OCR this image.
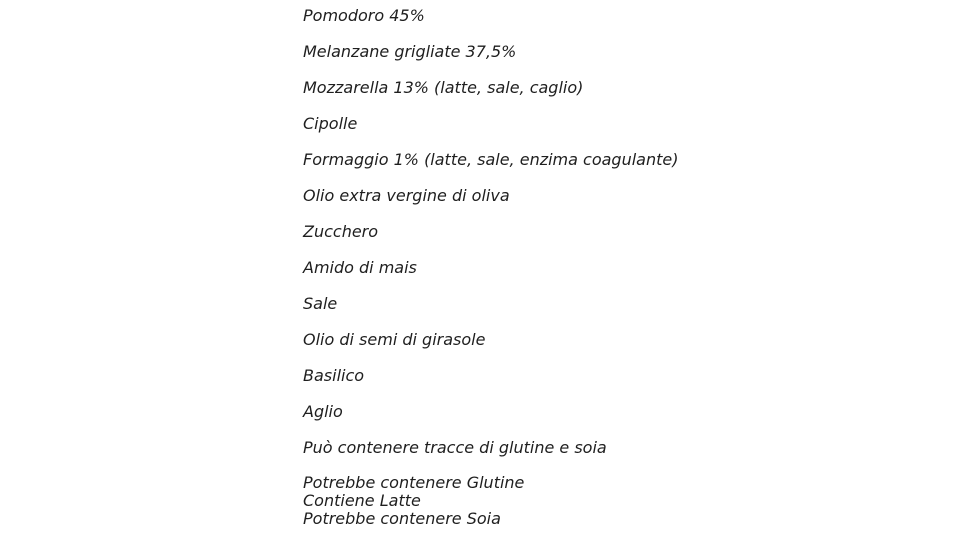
Pomodoro 45%
Melanzane grigliate 37,5%
Mozzarella 13% (latte, sale, caglio)
Cipolle
Formaggio 1% (latte, sale, enzima coagulante)
Olio extra vergine di oliva
Zucchero
Amido di mais
Sale
Olio di semi di girasole
Basilico
Aglio
Può contenere tracce di glutine e soia
Potrebbe contenere Glutine
Contiene Latte
Potrebbe contenere Soia
